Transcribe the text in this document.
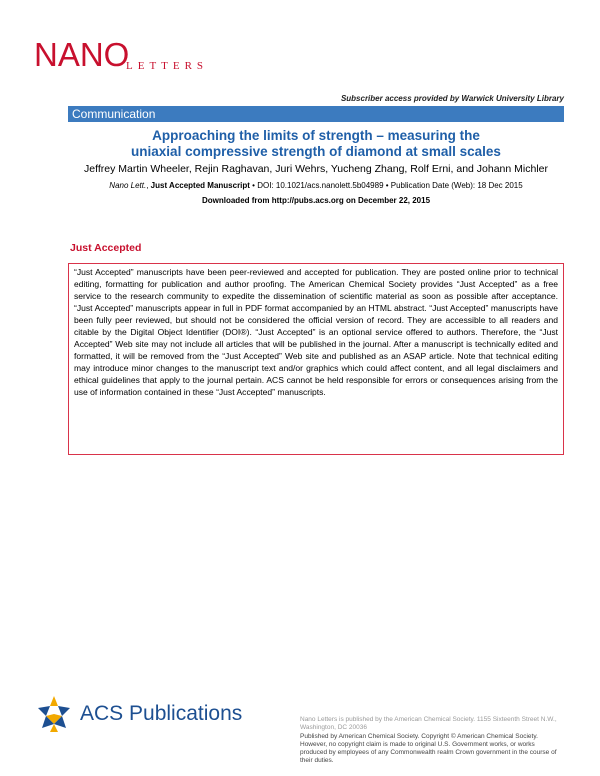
NANO
LETTERS
Subscriber access provided by Warwick University Library
Communication
Approaching the limits of strength – measuring the
uniaxial compressive strength of diamond at small scales
Jeffrey Martin Wheeler, Rejin Raghavan, Juri Wehrs, Yucheng Zhang, Rolf Erni, and Johann Michler
Nano Lett., Just Accepted Manuscript • DOI: 10.1021/acs.nanolett.5b04989 • Publication Date (Web): 18 Dec 2015
Downloaded from http://pubs.acs.org on December 22, 2015
Just Accepted

“Just Accepted” manuscripts have been peer-reviewed and accepted for publication. They are posted online prior to technical editing, formatting for publication and author proofing. The American Chemical Society provides “Just Accepted” as a free service to the research community to expedite the dissemination of scientific material as soon as possible after acceptance. “Just Accepted” manuscripts appear in full in PDF format accompanied by an HTML abstract. “Just Accepted” manuscripts have been fully peer reviewed, but should not be considered the official version of record. They are accessible to all readers and citable by the Digital Object Identifier (DOI®). “Just Accepted” is an optional service offered to authors. Therefore, the “Just Accepted” Web site may not include all articles that will be published in the journal. After a manuscript is technically edited and formatted, it will be removed from the “Just Accepted” Web site and published as an ASAP article. Note that technical editing may introduce minor changes to the manuscript text and/or graphics which could affect content, and all legal disclaimers and ethical guidelines that apply to the journal pertain. ACS cannot be held responsible for errors or consequences arising from the use of information contained in these “Just Accepted” manuscripts.

ACS Publications	Nano Letters is published by the American Chemical Society. 1155 Sixteenth Street N.W., Washington, DC 20036
Published by American Chemical Society. Copyright © American Chemical Society. However, no copyright claim is made to original U.S. Government works, or works produced by employees of any Commonwealth realm Crown government in the course of their duties.
